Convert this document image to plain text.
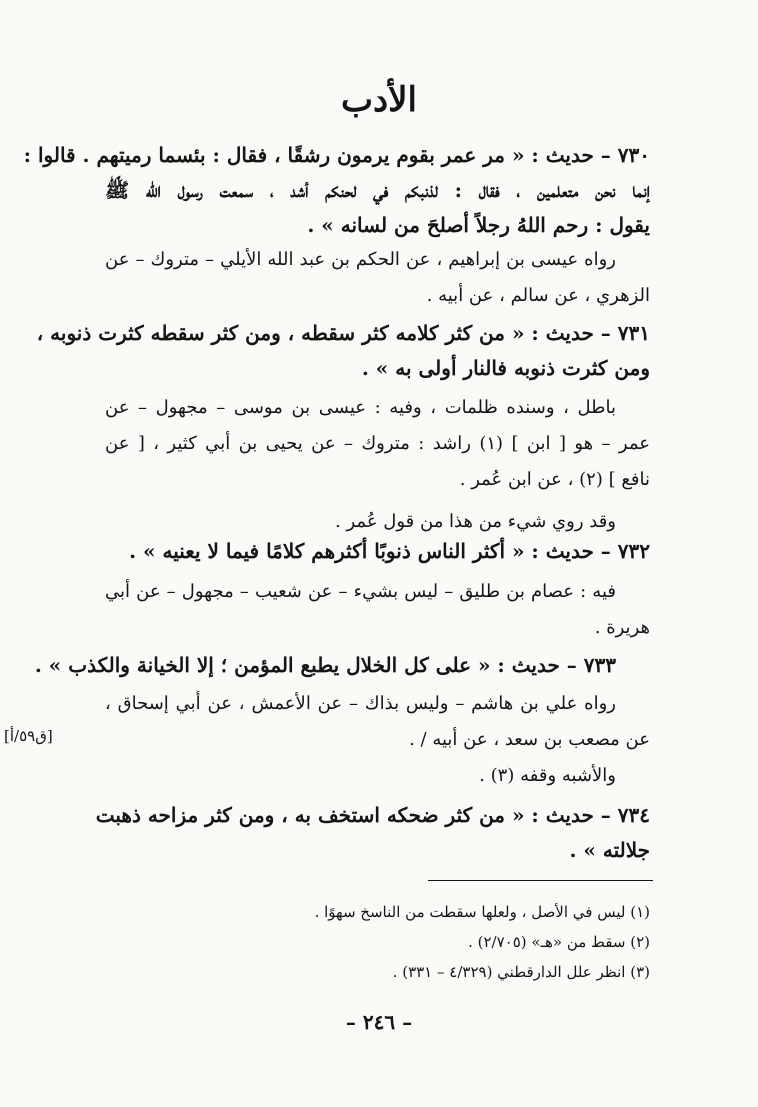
الأدب
٧٣٠ – حديث : « مر عمر بقوم يرمون رشقًا ، فقال : بئسما رميتهم . قالوا :
إنما نحن متعلمين ، فقال : لذنبكم في لحنكم أشد ، سمعت رسول الله ﷺ
يقول : رحم اللهُ رجلاً أصلحَ من لسانه » .
رواه عيسى بن إبراهيم ، عن الحكم بن عبد الله الأيلي – متروك – عن
الزهري ، عن سالم ، عن أبيه .
٧٣١ – حديث : « من كثر كلامه كثر سقطه ، ومن كثر سقطه كثرت ذنوبه ،
ومن كثرت ذنوبه فالنار أولى به » .
باطل ، وسنده ظلمات ، وفيه : عيسى بن موسى – مجهول – عن
عمر – هو [ ابن ] (١) راشد : متروك – عن يحيى بن أبي كثير ، [ عن
نافع ] (٢) ، عن ابن عُمر .
وقد روي شيء من هذا من قول عُمر .
٧٣٢ – حديث : « أكثر الناس ذنوبًا أكثرهم كلامًا فيما لا يعنيه » .
فيه : عصام بن طليق – ليس بشيء – عن شعيب – مجهول – عن أبي
هريرة .
٧٣٣ – حديث : « على كل الخلال يطبع المؤمن ؛ إلا الخيانة والكذب » .
رواه علي بن هاشم – وليس بذاك – عن الأعمش ، عن أبي إسحاق ،
عن مصعب بن سعد ، عن أبيه / .
والأشبه وقفه (٣) .
[ق٥٩/أ]
٧٣٤ – حديث : « من كثر ضحكه استخف به ، ومن كثر مزاحه ذهبت
جلالته » .
(١) ليس في الأصل ، ولعلها سقطت من الناسخ سهوًا .
(٢) سقط من «هـ» (٢/٧٠٥) .
(٣) انظر علل الدارقطني (٤/٣٢٩ – ٣٣١) .
– ٢٤٦ –
